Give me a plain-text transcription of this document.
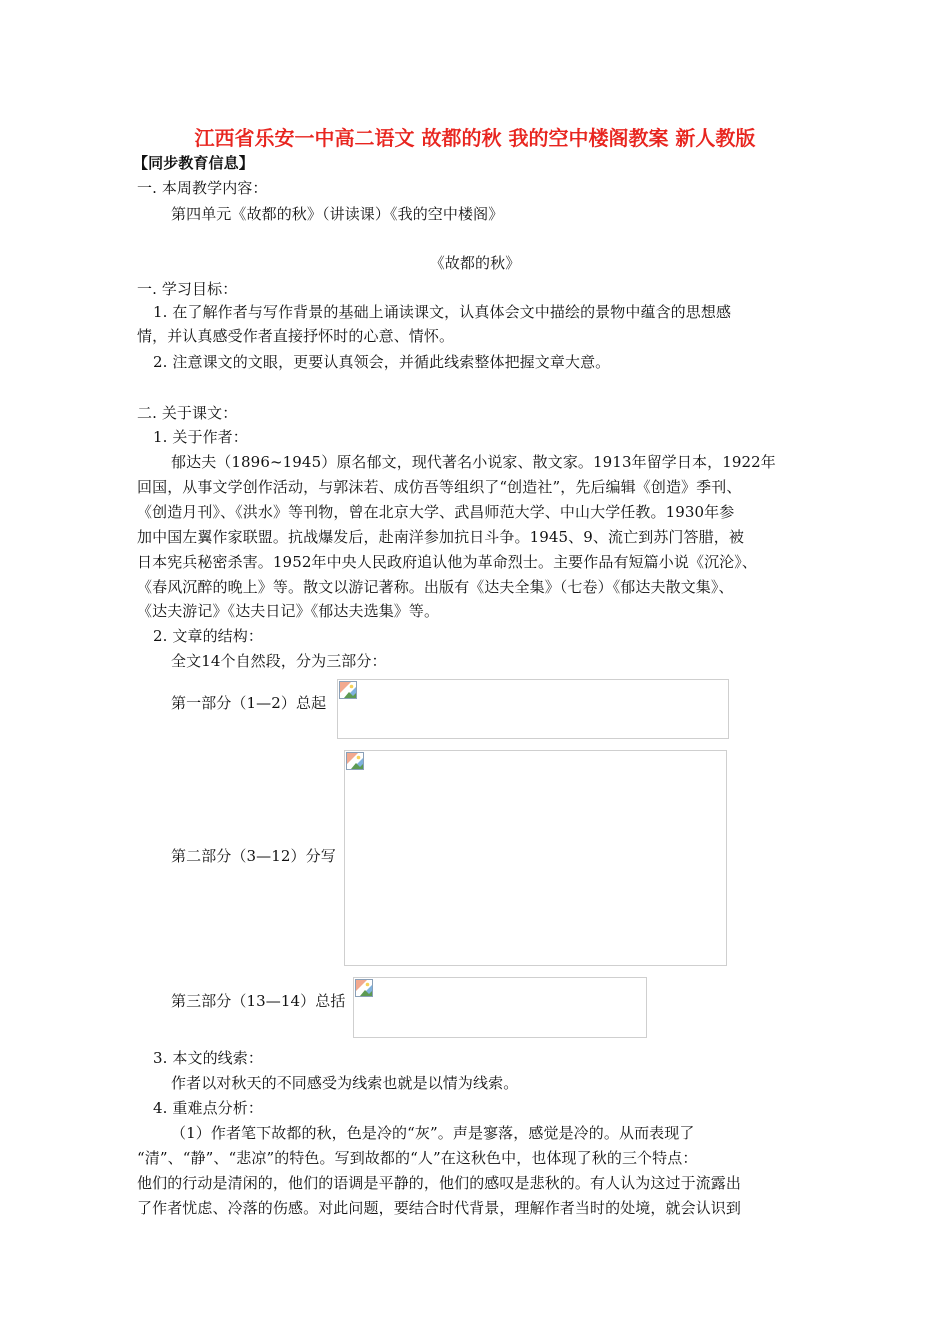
江西省乐安一中高二语文 故都的秋 我的空中楼阁教案 新人教版
【同步教育信息】
一. 本周教学内容：
第四单元《故都的秋》（讲读课）《我的空中楼阁》
《故都的秋》
一. 学习目标：
1. 在了解作者与写作背景的基础上诵读课文，认真体会文中描绘的景物中蕴含的思想感
情，并认真感受作者直接抒怀时的心意、情怀。
2. 注意课文的文眼，更要认真领会，并循此线索整体把握文章大意。
二. 关于课文：
1. 关于作者：
郁达夫（1896~1945）原名郁文，现代著名小说家、散文家。1913年留学日本，1922年
回国，从事文学创作活动，与郭沫若、成仿吾等组织了“创造社”，先后编辑《创造》季刊、
《创造月刊》、《洪水》等刊物，曾在北京大学、武昌师范大学、中山大学任教。1930年参
加中国左翼作家联盟。抗战爆发后，赴南洋参加抗日斗争。1945、9、流亡到苏门答腊，被
日本宪兵秘密杀害。1952年中央人民政府追认他为革命烈士。主要作品有短篇小说《沉沦》、
《春风沉醉的晚上》等。散文以游记著称。出版有《达夫全集》（七卷）《郁达夫散文集》、
《达夫游记》《达夫日记》《郁达夫选集》等。
2. 文章的结构：
全文14个自然段，分为三部分：
第一部分（1—2）总起
第二部分（3—12）分写
第三部分（13—14）总括
3. 本文的线索：
作者以对秋天的不同感受为线索也就是以情为线索。
4. 重难点分析：
（1）作者笔下故都的秋，色是冷的“灰”。声是寥落，感觉是冷的。从而表现了
“清”、“静”、“悲凉”的特色。写到故都的“人”在这秋色中，也体现了秋的三个特点：
他们的行动是清闲的，他们的语调是平静的，他们的感叹是悲秋的。有人认为这过于流露出
了作者忧虑、冷落的伤感。对此问题，要结合时代背景，理解作者当时的处境，就会认识到
